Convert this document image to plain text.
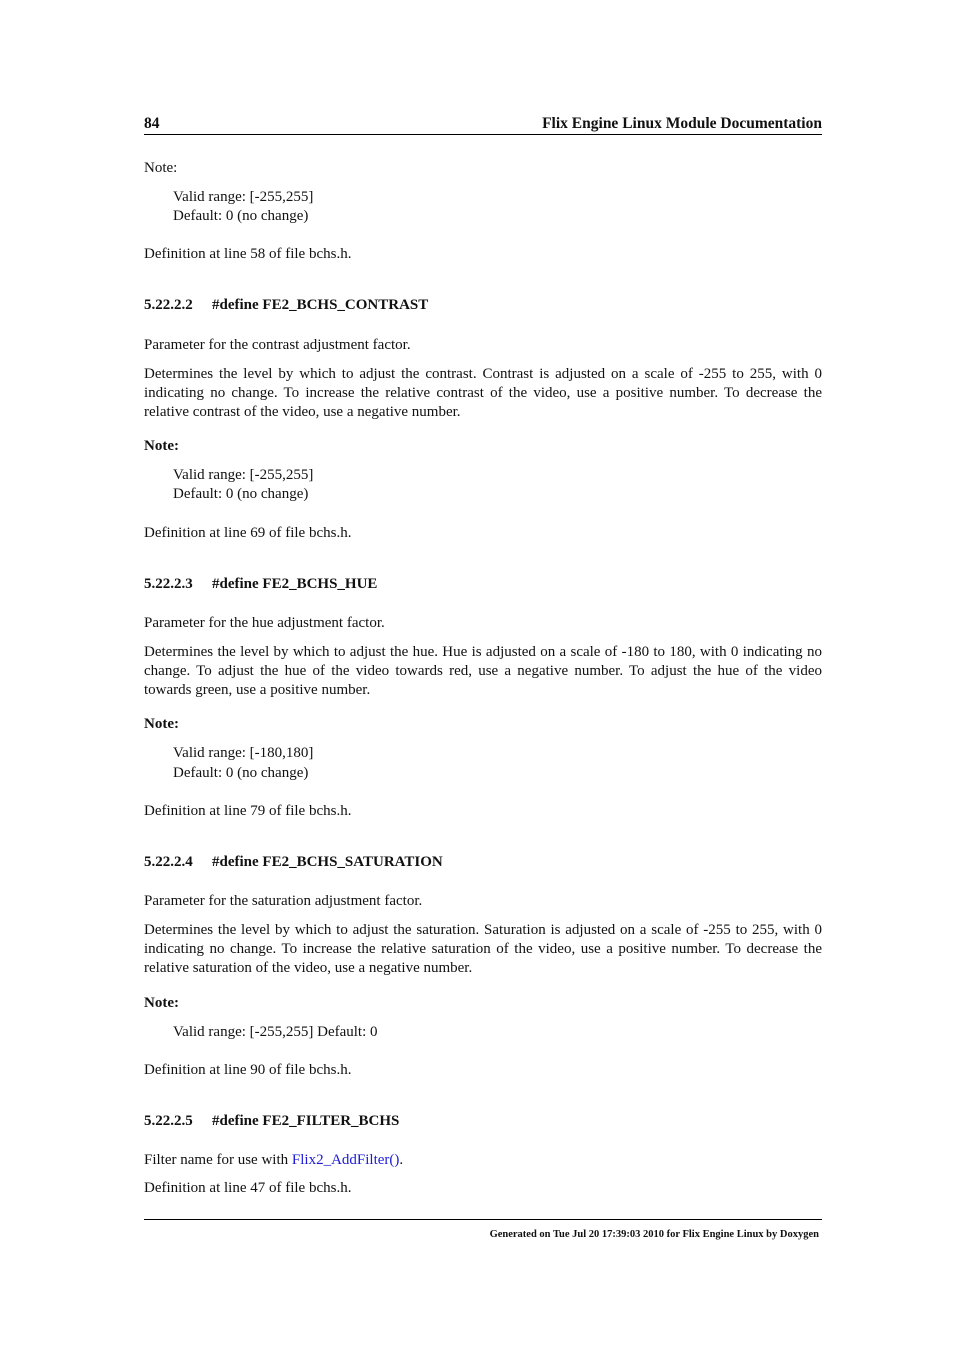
84	Flix Engine Linux Module Documentation
Note:
Valid range: [-255,255]
Default: 0 (no change)
Definition at line 58 of file bchs.h.
5.22.2.2 #define FE2_BCHS_CONTRAST
Parameter for the contrast adjustment factor.
Determines the level by which to adjust the contrast. Contrast is adjusted on a scale of -255 to 255, with 0 indicating no change. To increase the relative contrast of the video, use a positive number. To decrease the relative contrast of the video, use a negative number.
Note:
Valid range: [-255,255]
Default: 0 (no change)
Definition at line 69 of file bchs.h.
5.22.2.3 #define FE2_BCHS_HUE
Parameter for the hue adjustment factor.
Determines the level by which to adjust the hue. Hue is adjusted on a scale of -180 to 180, with 0 indicating no change. To adjust the hue of the video towards red, use a negative number. To adjust the hue of the video towards green, use a positive number.
Note:
Valid range: [-180,180]
Default: 0 (no change)
Definition at line 79 of file bchs.h.
5.22.2.4 #define FE2_BCHS_SATURATION
Parameter for the saturation adjustment factor.
Determines the level by which to adjust the saturation. Saturation is adjusted on a scale of -255 to 255, with 0 indicating no change. To increase the relative saturation of the video, use a positive number. To decrease the relative saturation of the video, use a negative number.
Note:
Valid range: [-255,255] Default: 0
Definition at line 90 of file bchs.h.
5.22.2.5 #define FE2_FILTER_BCHS
Filter name for use with Flix2_AddFilter().
Definition at line 47 of file bchs.h.
Generated on Tue Jul 20 17:39:03 2010 for Flix Engine Linux by Doxygen
